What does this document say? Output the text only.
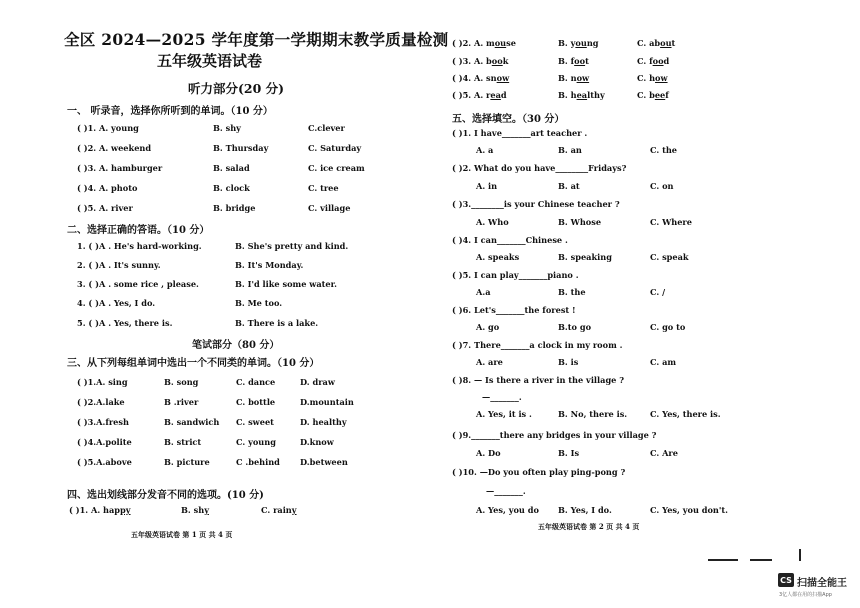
全区 2024—2025 学年度第一学期期末教学质量检测
五年级英语试卷
听力部分(20 分)
一、 听录音，选择你所听到的单词。（10 分）
( )1. A. young	B. shy	C.clever
( )2. A. weekend	B. Thursday	C. Saturday
( )3. A. hamburger	B. salad	C. ice cream
( )4. A. photo	B. clock	C. tree
( )5. A. river	B. bridge	C. village
二、选择正确的答语。（10 分）
1. ( )A . He's hard-working.	B. She's pretty and kind.
2. ( )A . It's sunny.	B. It's Monday.
3. ( )A . some rice , please.	B. I'd like some water.
4. ( )A . Yes, I do.	B. Me too.
5. ( )A . Yes, there is.	B. There is a lake.
笔试部分（80 分）
三、从下列每组单词中选出一个不同类的单词。（10 分）
( )1.A. sing	B. song	C. dance	D. draw
( )2.A.lake	B .river	C. bottle	D.mountain
( )3.A.fresh	B. sandwich C. sweet	D. healthy
( )4.A.polite	B. strict	C. young	D.know
( )5.A.above	B. picture	C .behind D.between
四、选出划线部分发音不同的选项。(10 分)
( )1. A. happy	B. shy	C. rainy
五年级英语试卷 第 1 页 共 4 页
( )2. A. mouse	B. young	C. about
( )3. A. book	B. foot	C. food
( )4. A. snow	B. now	C. how
( )5. A. read	B. healthy	C. beef
五、选择填空。（30 分）
( )1. I have_______art teacher .
A. a	B. an	C. the
( )2. What do you have________Fridays?
A. in	B. at	C. on
( )3.________is your Chinese teacher ?
A. Who	B. Whose	C. Where
( )4. I can_______Chinese .
A. speaks	B. speaking	C. speak
( )5. I can play_______piano .
A.a	B. the	C. /
( )6. Let's_______the forest !
A. go	B.to go	C. go to
( )7. There_______a clock in my room .
A. are	B. is	C. am
( )8. — Is there a river in the village ?
—_______.
A. Yes, it is .	B. No, there is.	C. Yes, there is.
( )9._______there any bridges in your village ?
A. Do	B. Is	C. Are
( )10. —Do you often play ping-pong ?
—_______.
A. Yes, you do B. Yes, I do.	C. Yes, you don't.
五年级英语试卷 第 2 页 共 4 页
CS 扫描全能王
3亿人都在用的扫描App
